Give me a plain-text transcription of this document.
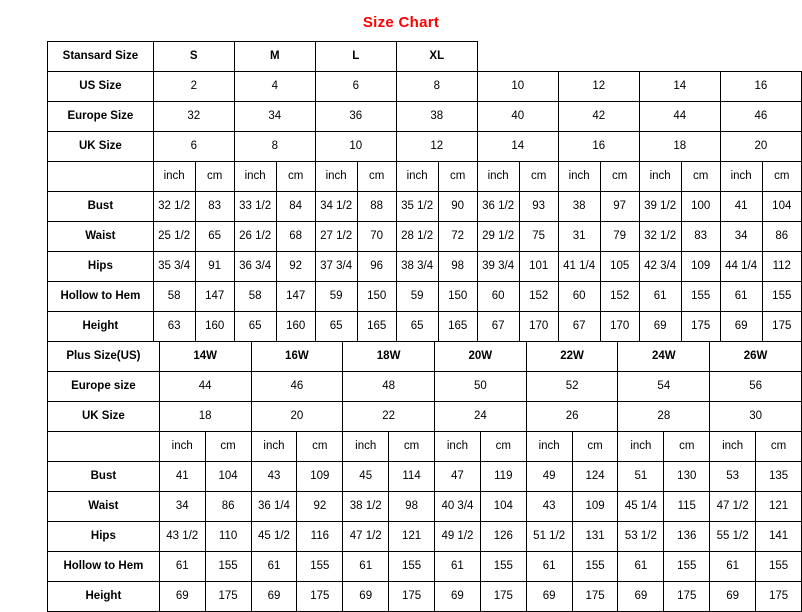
Size Chart
Stansard Size	S		M		L		XL									
US Size	2		4		6		8		10		12		14		16	
Europe Size	32		34		36		38		40		42		44		46	
UK Size	6		8		10		12		14		16		18		20	
	inch	cm	inch	cm	inch	cm	inch	cm	inch	cm	inch	cm	inch	cm	inch	cm
Bust	32 1/2	83	33 1/2	84	34 1/2	88	35 1/2	90	36 1/2	93	38	97	39 1/2	100	41	104
Waist	25 1/2	65	26 1/2	68	27 1/2	70	28 1/2	72	29 1/2	75	31	79	32 1/2	83	34	86
Hips	35 3/4	91	36 3/4	92	37 3/4	96	38 3/4	98	39 3/4	101	41 1/4	105	42 3/4	109	44 1/4	112
Hollow to Hem	58	147	58	147	59	150	59	150	60	152	60	152	61	155	61	155
Height	63	160	65	160	65	165	65	165	67	170	67	170	69	175	69	175
Plus Size(US)	14W		16W		18W		20W		22W		24W		26W	
Europe size	44		46		48		50		52		54		56	
UK Size	18		20		22		24		26		28		30	
	inch	cm	inch	cm	inch	cm	inch	cm	inch	cm	inch	cm	inch	cm
Bust	41	104	43	109	45	114	47	119	49	124	51	130	53	135
Waist	34	86	36 1/4	92	38 1/2	98	40 3/4	104	43	109	45 1/4	115	47 1/2	121
Hips	43 1/2	110	45 1/2	116	47 1/2	121	49 1/2	126	51 1/2	131	53 1/2	136	55 1/2	141
Hollow to Hem	61	155	61	155	61	155	61	155	61	155	61	155	61	155
Height	69	175	69	175	69	175	69	175	69	175	69	175	69	175
